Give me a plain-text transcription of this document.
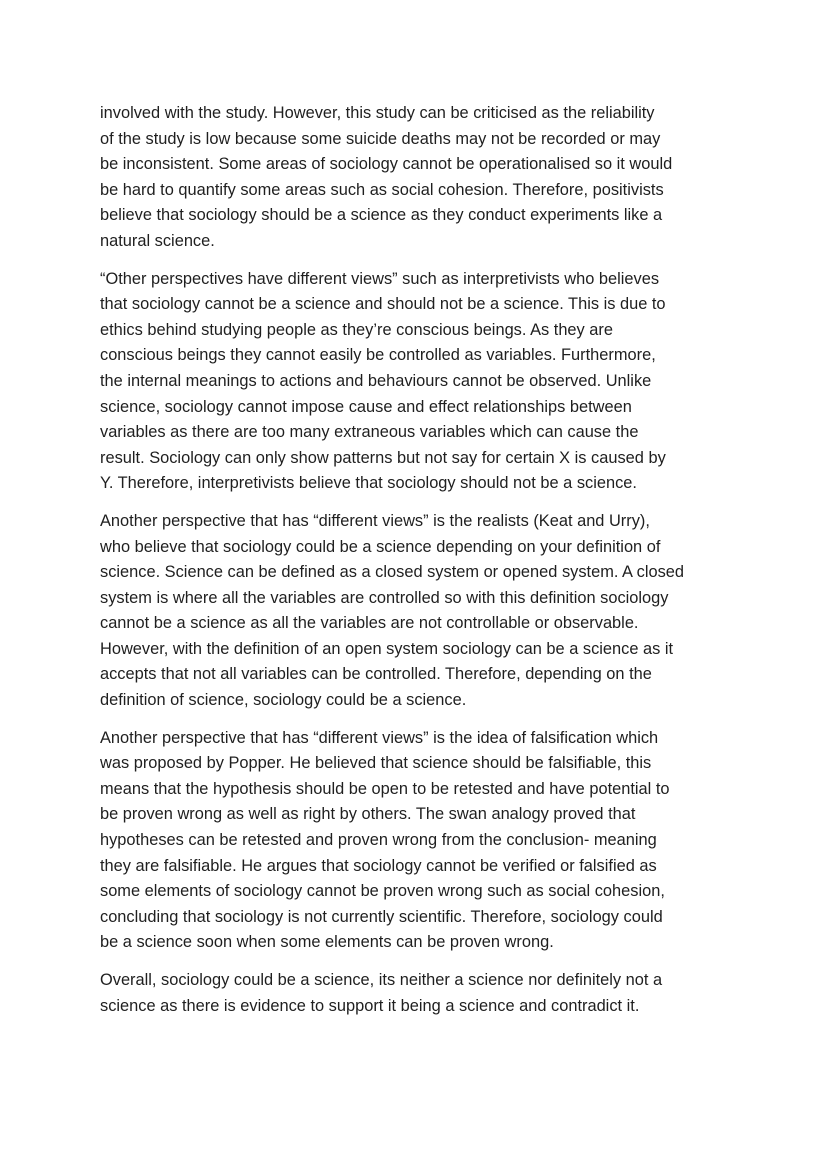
involved with the study. However, this study can be criticised as the reliability
of the study is low because some suicide deaths may not be recorded or may
be inconsistent. Some areas of sociology cannot be operationalised so it would
be hard to quantify some areas such as social cohesion. Therefore, positivists
believe that sociology should be a science as they conduct experiments like a
natural science.
“Other perspectives have different views” such as interpretivists who believes
that sociology cannot be a science and should not be a science. This is due to
ethics behind studying people as they’re conscious beings. As they are
conscious beings they cannot easily be controlled as variables. Furthermore,
the internal meanings to actions and behaviours cannot be observed. Unlike
science, sociology cannot impose cause and effect relationships between
variables as there are too many extraneous variables which can cause the
result. Sociology can only show patterns but not say for certain X is caused by
Y. Therefore, interpretivists believe that sociology should not be a science.
Another perspective that has “different views” is the realists (Keat and Urry),
who believe that sociology could be a science depending on your definition of
science. Science can be defined as a closed system or opened system. A closed
system is where all the variables are controlled so with this definition sociology
cannot be a science as all the variables are not controllable or observable.
However, with the definition of an open system sociology can be a science as it
accepts that not all variables can be controlled. Therefore, depending on the
definition of science, sociology could be a science.
Another perspective that has “different views” is the idea of falsification which
was proposed by Popper. He believed that science should be falsifiable, this
means that the hypothesis should be open to be retested and have potential to
be proven wrong as well as right by others. The swan analogy proved that
hypotheses can be retested and proven wrong from the conclusion- meaning
they are falsifiable. He argues that sociology cannot be verified or falsified as
some elements of sociology cannot be proven wrong such as social cohesion,
concluding that sociology is not currently scientific. Therefore, sociology could
be a science soon when some elements can be proven wrong.
Overall, sociology could be a science, its neither a science nor definitely not a
science as there is evidence to support it being a science and contradict it.
